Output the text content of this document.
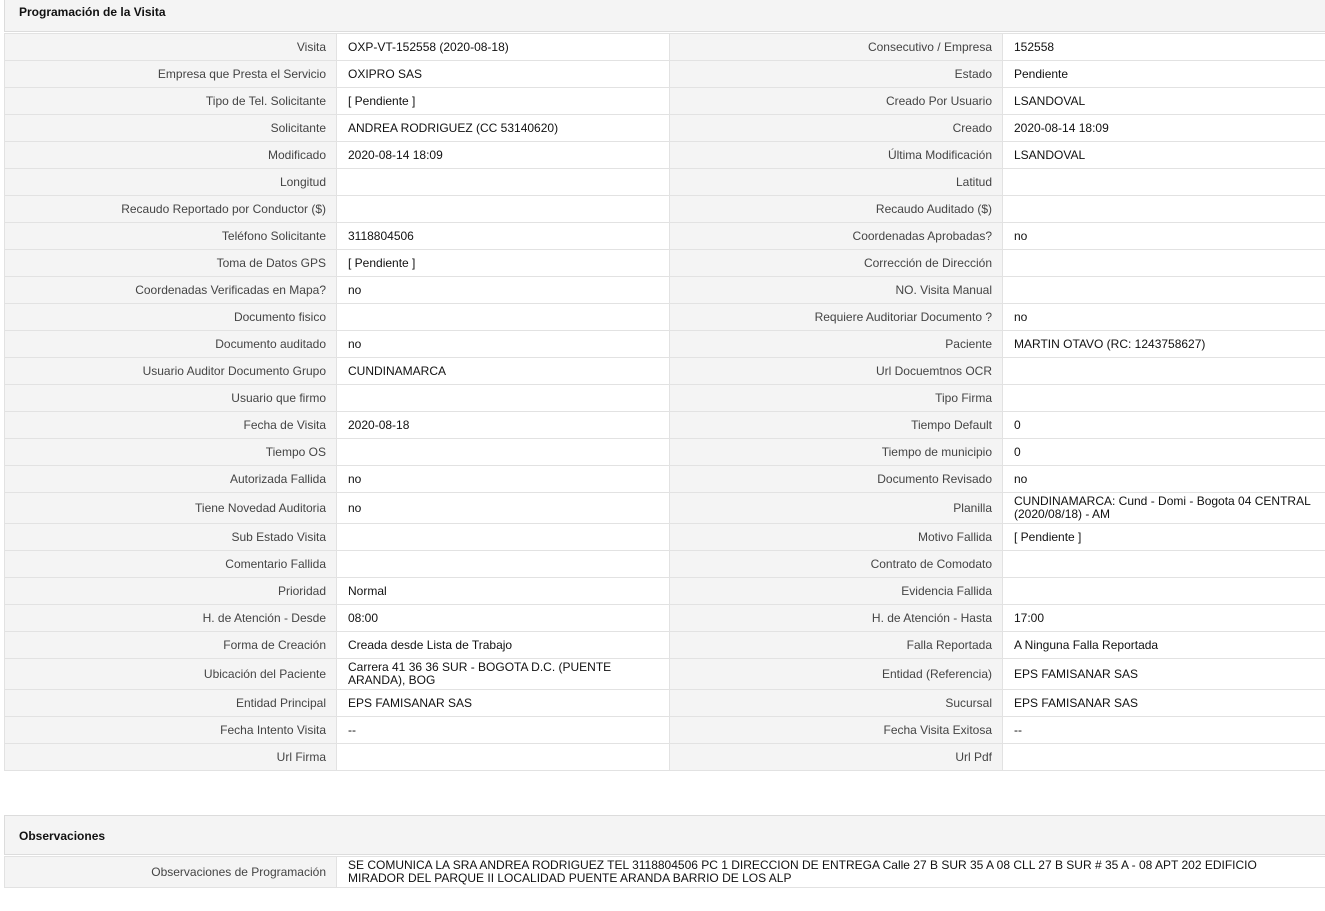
Programación de la Visita
Visita	OXP-VT-152558 (2020-08-18)	Consecutivo / Empresa	152558
Empresa que Presta el Servicio	OXIPRO SAS	Estado	Pendiente
Tipo de Tel. Solicitante	[ Pendiente ]	Creado Por Usuario	LSANDOVAL
Solicitante	ANDREA RODRIGUEZ (CC 53140620)	Creado	2020-08-14 18:09
Modificado	2020-08-14 18:09	Última Modificación	LSANDOVAL
Longitud		Latitud	
Recaudo Reportado por Conductor ($)		Recaudo Auditado ($)	
Teléfono Solicitante	3118804506	Coordenadas Aprobadas?	no
Toma de Datos GPS	[ Pendiente ]	Corrección de Dirección	
Coordenadas Verificadas en Mapa?	no	NO. Visita Manual	
Documento fisico		Requiere Auditoriar Documento ?	no
Documento auditado	no	Paciente	MARTIN OTAVO (RC: 1243758627)
Usuario Auditor Documento Grupo	CUNDINAMARCA	Url Docuemtnos OCR	
Usuario que firmo		Tipo Firma	
Fecha de Visita	2020-08-18	Tiempo Default	0
Tiempo OS		Tiempo de municipio	0
Autorizada Fallida	no	Documento Revisado	no
Tiene Novedad Auditoria	no	Planilla	CUNDINAMARCA: Cund - Domi - Bogota 04 CENTRAL (2020/08/18) - AM
Sub Estado Visita		Motivo Fallida	[ Pendiente ]
Comentario Fallida		Contrato de Comodato	
Prioridad	Normal	Evidencia Fallida	
H. de Atención - Desde	08:00	H. de Atención - Hasta	17:00
Forma de Creación	Creada desde Lista de Trabajo	Falla Reportada	A Ninguna Falla Reportada
Ubicación del Paciente	Carrera 41 36 36 SUR - BOGOTA D.C. (PUENTE ARANDA), BOG	Entidad (Referencia)	EPS FAMISANAR SAS
Entidad Principal	EPS FAMISANAR SAS	Sucursal	EPS FAMISANAR SAS
Fecha Intento Visita	--	Fecha Visita Exitosa	--
Url Firma		Url Pdf	
Observaciones
Observaciones de Programación	SE COMUNICA LA SRA ANDREA RODRIGUEZ TEL 3118804506 PC 1 DIRECCION DE ENTREGA Calle 27 B SUR 35 A 08 CLL 27 B SUR # 35 A - 08 APT 202 EDIFICIO MIRADOR DEL PARQUE II LOCALIDAD PUENTE ARANDA BARRIO DE LOS ALP
